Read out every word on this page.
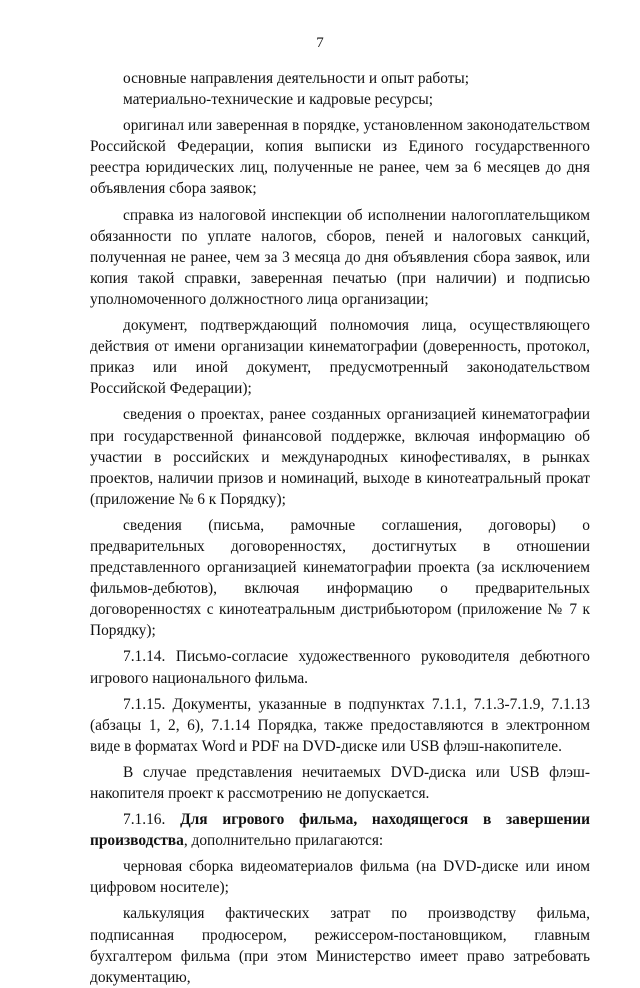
7

основные направления деятельности и опыт работы;

материально-технические и кадровые ресурсы;

оригинал или заверенная в порядке, установленном законодательством Российской Федерации, копия выписки из Единого государственного реестра юридических лиц, полученные не ранее, чем за 6 месяцев до дня объявления сбора заявок;

справка из налоговой инспекции об исполнении налогоплательщиком обязанности по уплате налогов, сборов, пеней и налоговых санкций, полученная не ранее, чем за 3 месяца до дня объявления сбора заявок, или копия такой справки, заверенная печатью (при наличии) и подписью уполномоченного должностного лица организации;

документ, подтверждающий полномочия лица, осуществляющего действия от имени организации кинематографии (доверенность, протокол, приказ или иной документ, предусмотренный законодательством Российской Федерации);

сведения о проектах, ранее созданных организацией кинематографии при государственной финансовой поддержке, включая информацию об участии в российских и международных кинофестивалях, в рынках проектов, наличии призов и номинаций, выходе в кинотеатральный прокат (приложение № 6 к Порядку);

сведения (письма, рамочные соглашения, договоры) о предварительных договоренностях, достигнутых в отношении представленного организацией кинематографии проекта (за исключением фильмов-дебютов), включая информацию о предварительных договоренностях с кинотеатральным дистрибьютором (приложение № 7 к Порядку);

7.1.14. Письмо-согласие художественного руководителя дебютного игрового национального фильма.

7.1.15. Документы, указанные в подпунктах 7.1.1, 7.1.3-7.1.9, 7.1.13 (абзацы 1, 2, 6), 7.1.14 Порядка, также предоставляются в электронном виде в форматах Word и PDF на DVD-диске или USB флэш-накопителе.

В случае представления нечитаемых DVD-диска или USB флэш-накопителя проект к рассмотрению не допускается.

7.1.16. Для игрового фильма, находящегося в завершении производства, дополнительно прилагаются:

черновая сборка видеоматериалов фильма (на DVD-диске или ином цифровом носителе);

калькуляция фактических затрат по производству фильма, подписанная продюсером, режиссером-постановщиком, главным бухгалтером фильма (при этом Министерство имеет право затребовать документацию,
